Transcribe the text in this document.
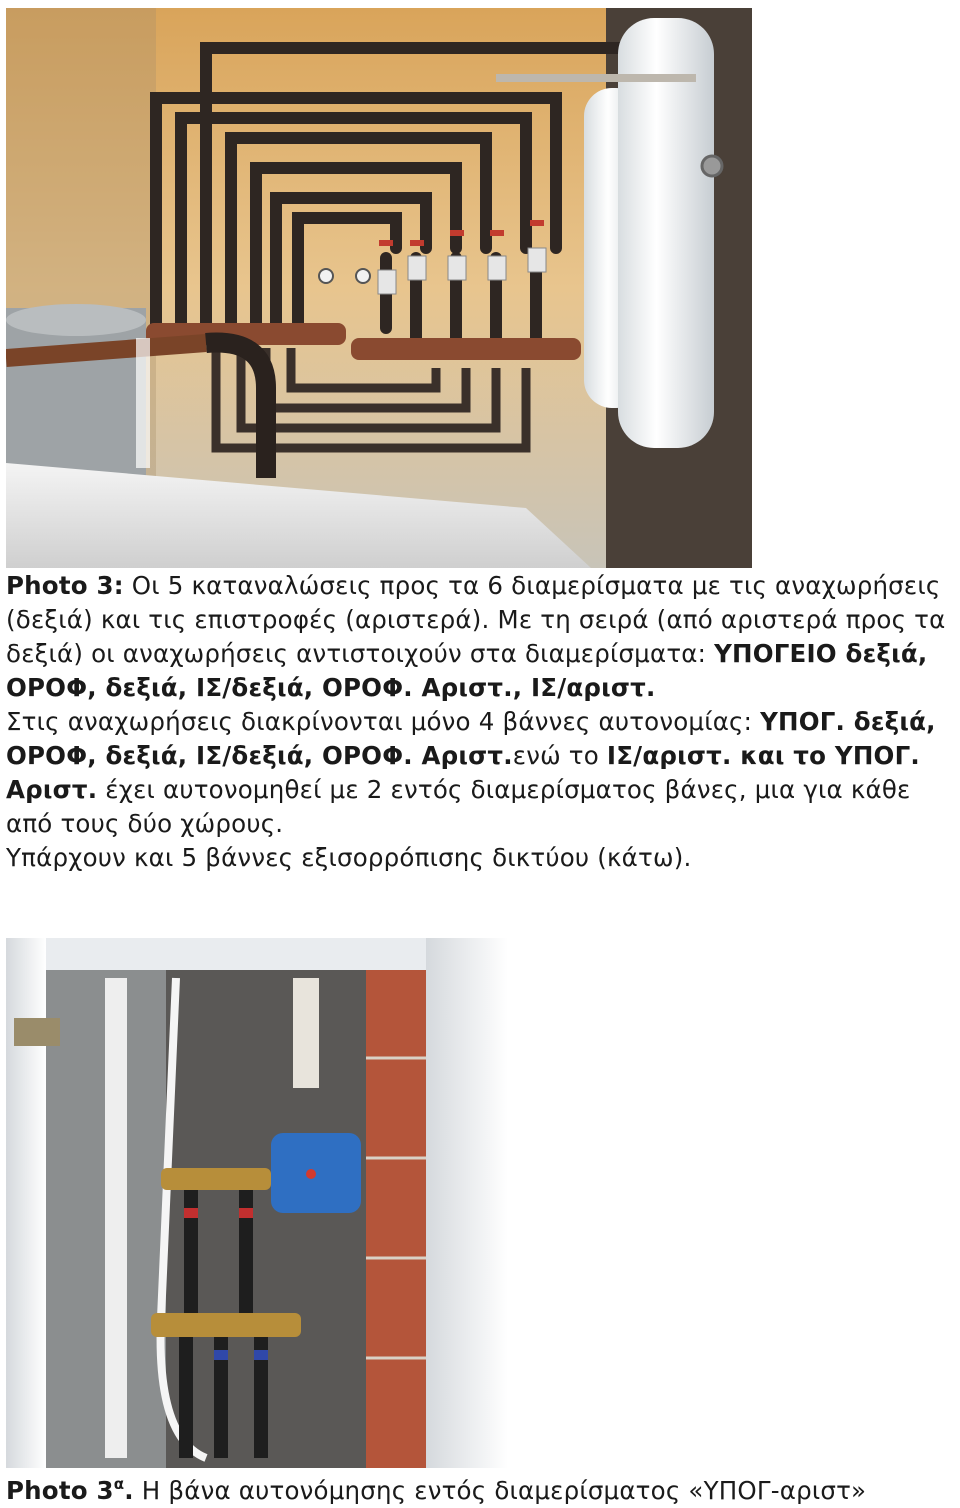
Photo 3: Οι 5 καταναλώσεις προς τα 6 διαμερίσματα με τις αναχωρήσεις (δεξιά) και τις επιστροφές (αριστερά). Με τη σειρά (από αριστερά προς τα δεξιά) οι αναχωρήσεις αντιστοιχούν στα διαμερίσματα: ΥΠΟΓΕΙΟ δεξιά, ΟΡΟΦ, δεξιά, ΙΣ/δεξιά, ΟΡΟΦ. Αριστ., ΙΣ/αριστ.

Στις αναχωρήσεις διακρίνονται μόνο 4 βάννες αυτονομίας: ΥΠΟΓ. δεξιά, ΟΡΟΦ, δεξιά, ΙΣ/δεξιά, ΟΡΟΦ. Αριστ.ενώ το ΙΣ/αριστ. και το ΥΠΟΓ. Αριστ. έχει αυτονομηθεί με 2 εντός διαμερίσματος βάνες, μια για κάθε από τους δύο χώρους.

Υπάρχουν και 5 βάννες εξισορρόπισης δικτύου (κάτω).

Photo $3^\alpha$. Η βάνα αυτονόμησης εντός διαμερίσματος «ΥΠΟΓ-αριστ»
